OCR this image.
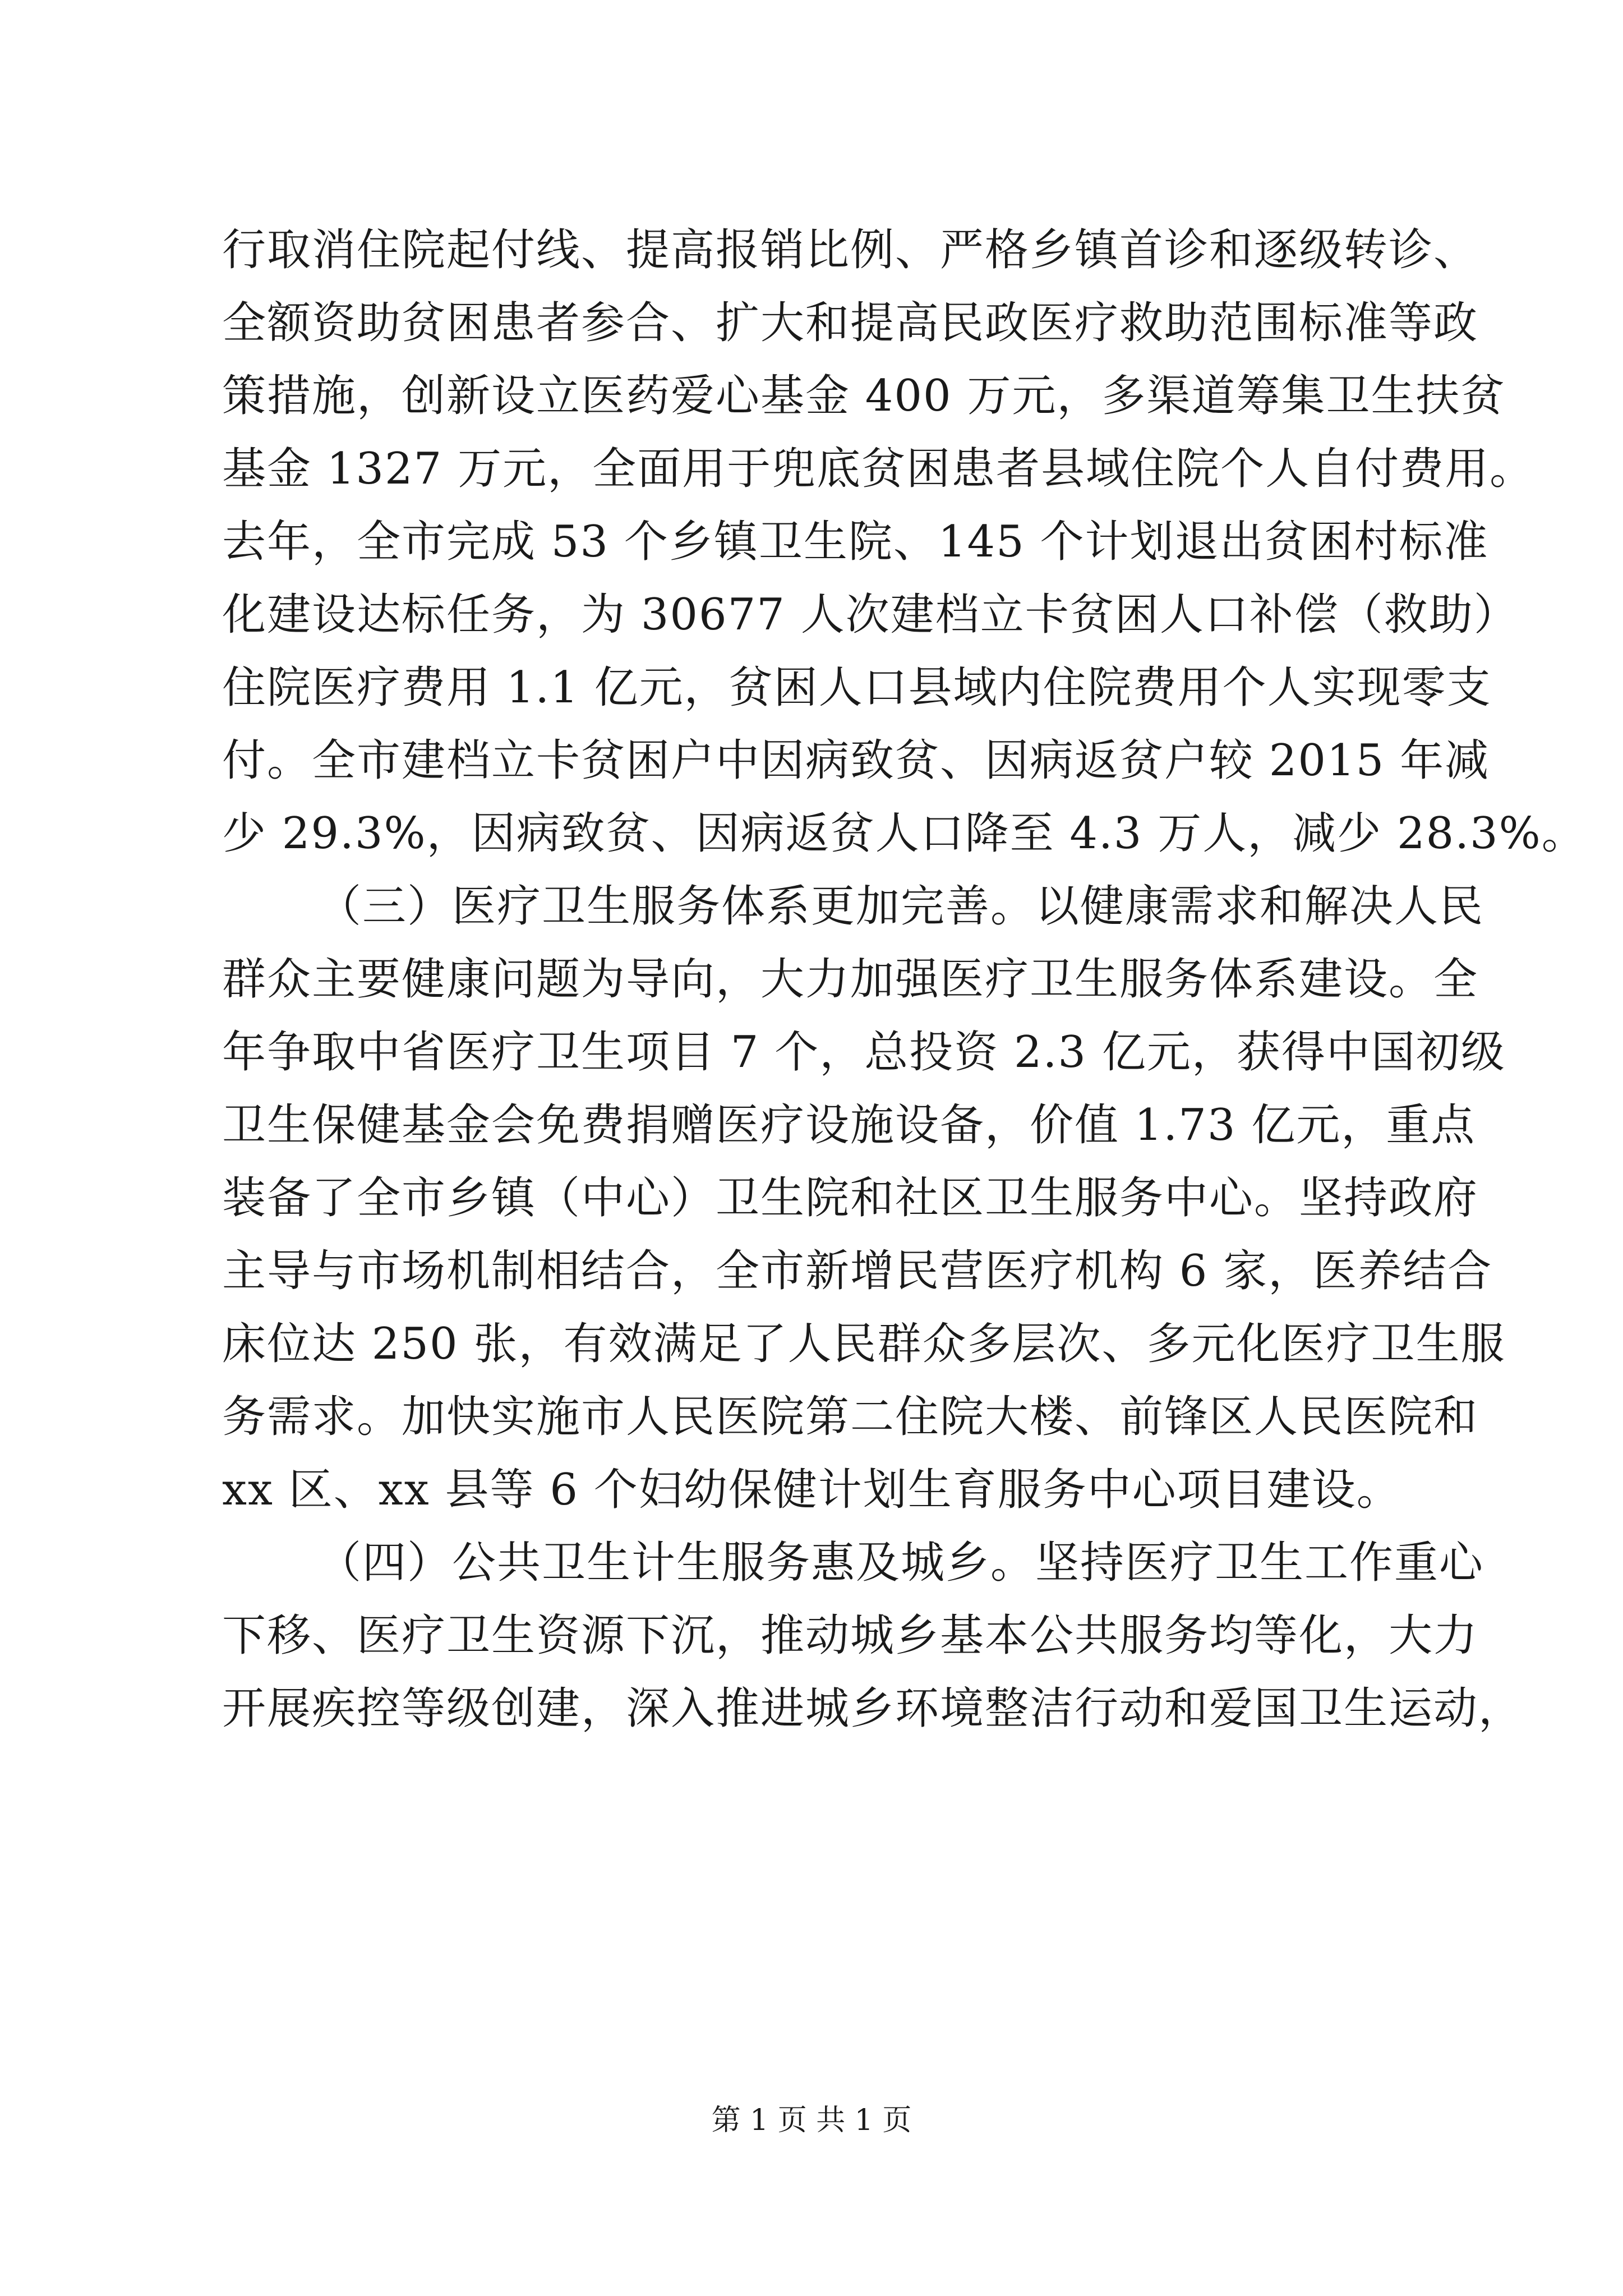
行取消住院起付线、提高报销比例、严格乡镇首诊和逐级转诊、
全额资助贫困患者参合、扩大和提高民政医疗救助范围标准等政
策措施，创新设立医药爱心基金 400 万元，多渠道筹集卫生扶贫
基金 1327 万元，全面用于兜底贫困患者县域住院个人自付费用。
去年，全市完成 53 个乡镇卫生院、145 个计划退出贫困村标准
化建设达标任务，为 30677 人次建档立卡贫困人口补偿（救助）
住院医疗费用 1.1 亿元，贫困人口县域内住院费用个人实现零支
付。全市建档立卡贫困户中因病致贫、因病返贫户较 2015 年减
少 29.3%，因病致贫、因病返贫人口降至 4.3 万人，减少 28.3%。
（三）医疗卫生服务体系更加完善。以健康需求和解决人民
群众主要健康问题为导向，大力加强医疗卫生服务体系建设。全
年争取中省医疗卫生项目 7 个，总投资 2.3 亿元，获得中国初级
卫生保健基金会免费捐赠医疗设施设备，价值 1.73 亿元，重点
装备了全市乡镇（中心）卫生院和社区卫生服务中心。坚持政府
主导与市场机制相结合，全市新增民营医疗机构 6 家，医养结合
床位达 250 张，有效满足了人民群众多层次、多元化医疗卫生服
务需求。加快实施市人民医院第二住院大楼、前锋区人民医院和
xx 区、xx 县等 6 个妇幼保健计划生育服务中心项目建设。
（四）公共卫生计生服务惠及城乡。坚持医疗卫生工作重心
下移、医疗卫生资源下沉，推动城乡基本公共服务均等化，大力
开展疾控等级创建，深入推进城乡环境整洁行动和爱国卫生运动，
第 1 页 共 1 页
